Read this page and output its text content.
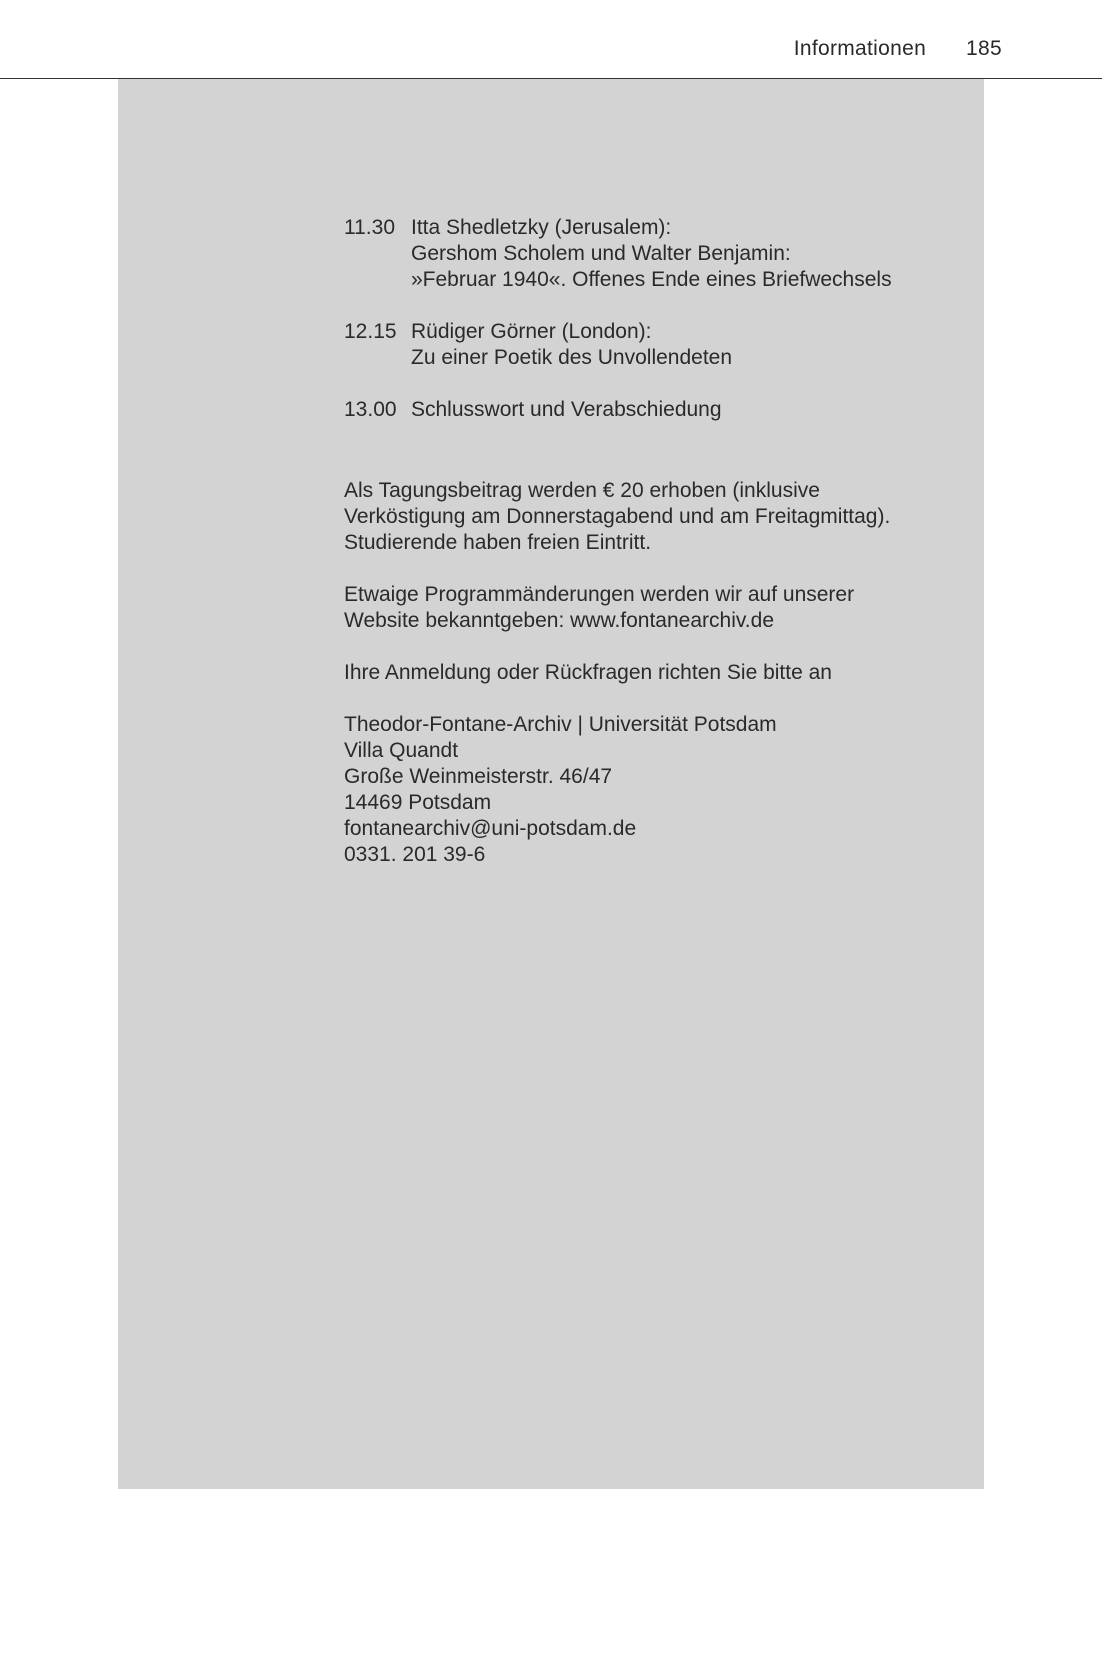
Informationen 185
11.30 Itta Shedletzky (Jerusalem):
Gershom Scholem und Walter Benjamin:
»Februar 1940«. Offenes Ende eines Briefwechsels
12.15 Rüdiger Görner (London):
Zu einer Poetik des Unvollendeten
13.00 Schlusswort und Verabschiedung
Als Tagungsbeitrag werden € 20 erhoben (inklusive
Verköstigung am Donnerstagabend und am Freitagmittag).
Studierende haben freien Eintritt.
Etwaige Programmänderungen werden wir auf unserer
Website bekanntgeben: www.fontanearchiv.de
Ihre Anmeldung oder Rückfragen richten Sie bitte an
Theodor-Fontane-Archiv | Universität Potsdam
Villa Quandt
Große Weinmeisterstr. 46/47
14469 Potsdam
fontanearchiv@uni-potsdam.de
0331. 201 39-6
